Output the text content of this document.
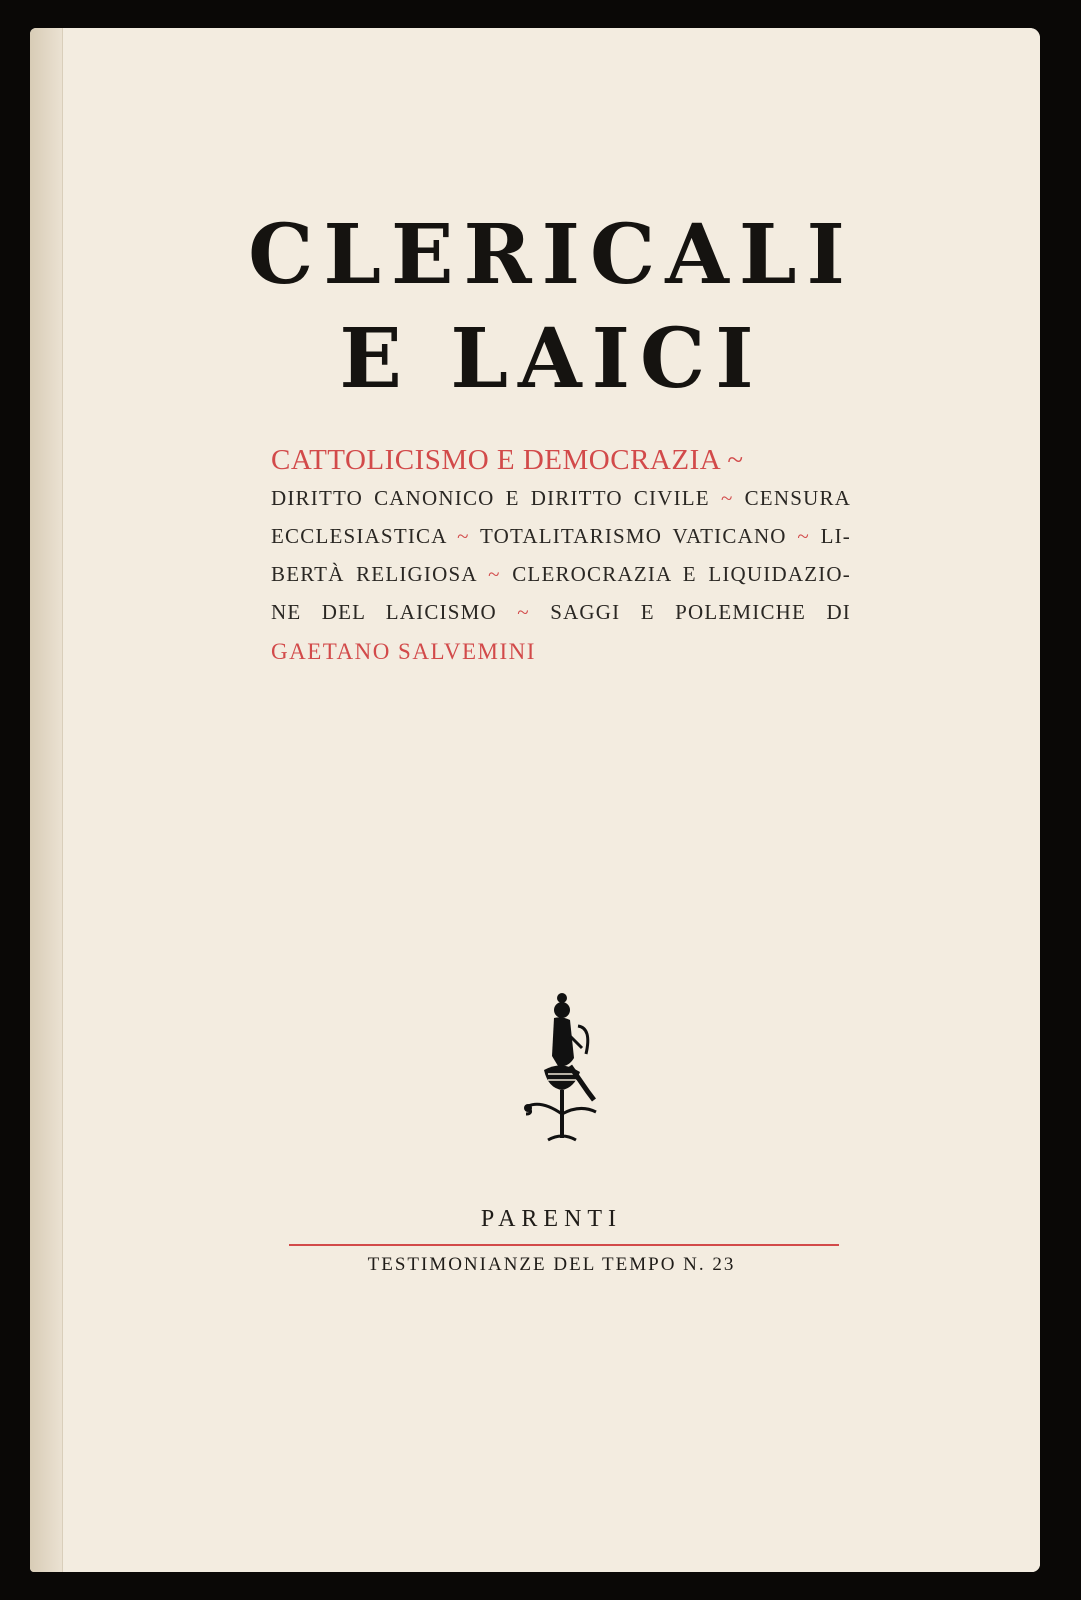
CLERICALI
E LAICI
CATTOLICISMO E DEMOCRAZIA ~
DIRITTO CANONICO E DIRITTO CIVILE ~ CENSURA
ECCLESIASTICA ~ TOTALITARISMO VATICANO ~ LI-
BERTÀ RELIGIOSA ~ CLEROCRAZIA E LIQUIDAZIO-
NE DEL LAICISMO ~ SAGGI E POLEMICHE DI
GAETANO SALVEMINI
PARENTI
TESTIMONIANZE DEL TEMPO N. 23
